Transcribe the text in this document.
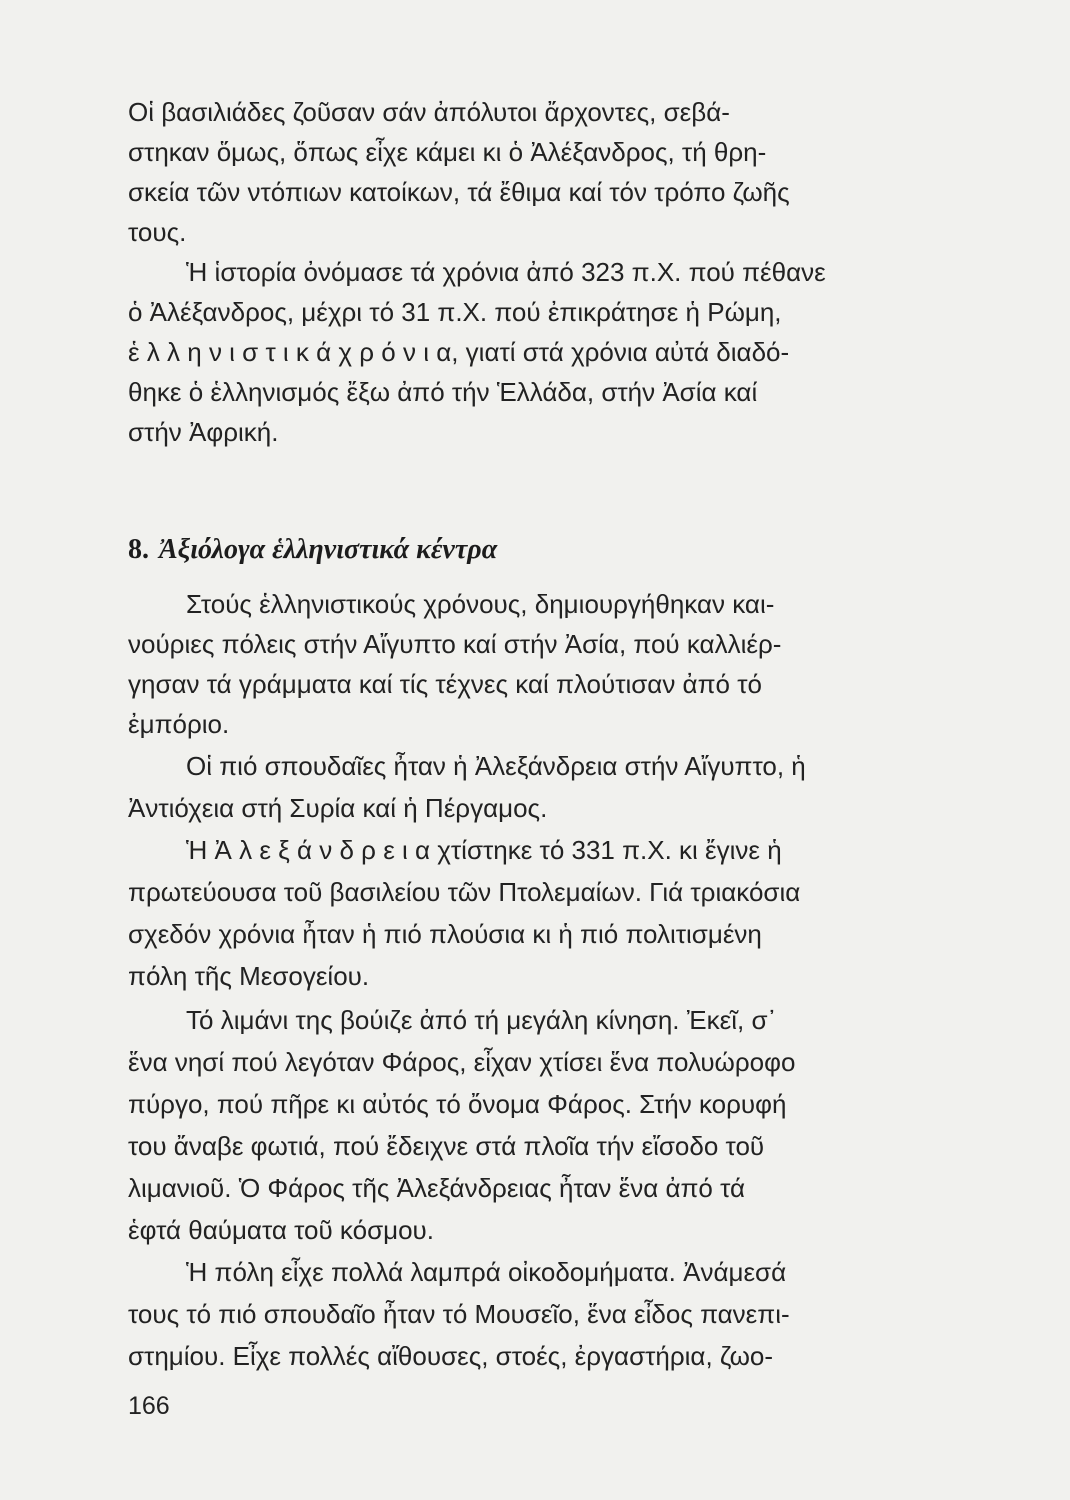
Οἱ βασιλιάδες ζοῦσαν σάν ἀπόλυτοι ἄρχοντες, σεβά-
στηκαν ὅμως, ὅπως εἶχε κάμει κι ὁ Ἀλέξανδρος, τή θρη-
σκεία τῶν ντόπιων κατοίκων, τά ἔθιμα καί τόν τρόπο ζωῆς
τους.
Ἡ ἱστορία ὀνόμασε τά χρόνια ἀπό 323 π.Χ. πού πέθανε
ὁ Ἀλέξανδρος, μέχρι τό 31 π.Χ. πού ἐπικράτησε ἡ Ρώμη,
ἑ λ λ η ν ι σ τ ι κ ά χ ρ ό ν ι α, γιατί στά χρόνια αὐτά διαδό-
θηκε ὁ ἑλληνισμός ἔξω ἀπό τήν Ἑλλάδα, στήν Ἀσία καί
στήν Ἀφρική.
8. Ἀξιόλογα ἑλληνιστικά κέντρα
Στούς ἑλληνιστικούς χρόνους, δημιουργήθηκαν και-
νούριες πόλεις στήν Αἴγυπτο καί στήν Ἀσία, πού καλλιέρ-
γησαν τά γράμματα καί τίς τέχνες καί πλούτισαν ἀπό τό
ἐμπόριο.
Οἱ πιό σπουδαῖες ἦταν ἡ Ἀλεξάνδρεια στήν Αἴγυπτο, ἡ
Ἀντιόχεια στή Συρία καί ἡ Πέργαμος.
Ἡ Ἀ λ ε ξ ά ν δ ρ ε ι α χτίστηκε τό 331 π.Χ. κι ἔγινε ἡ
πρωτεύουσα τοῦ βασιλείου τῶν Πτολεμαίων. Γιά τριακόσια
σχεδόν χρόνια ἦταν ἡ πιό πλούσια κι ἡ πιό πολιτισμένη
πόλη τῆς Μεσογείου.
Τό λιμάνι της βούιζε ἀπό τή μεγάλη κίνηση. Ἐκεῖ, σ᾽
ἕνα νησί πού λεγόταν Φάρος, εἶχαν χτίσει ἕνα πολυώροφο
πύργο, πού πῆρε κι αὐτός τό ὄνομα Φάρος. Στήν κορυφή
του ἄναβε φωτιά, πού ἔδειχνε στά πλοῖα τήν εἴσοδο τοῦ
λιμανιοῦ. Ὁ Φάρος τῆς Ἀλεξάνδρειας ἦταν ἕνα ἀπό τά
ἑφτά θαύματα τοῦ κόσμου.
Ἡ πόλη εἶχε πολλά λαμπρά οἰκοδομήματα. Ἀνάμεσά
τους τό πιό σπουδαῖο ἦταν τό Μουσεῖο, ἕνα εἶδος πανεπι-
στημίου. Εἶχε πολλές αἴθουσες, στοές, ἐργαστήρια, ζωο-
166
